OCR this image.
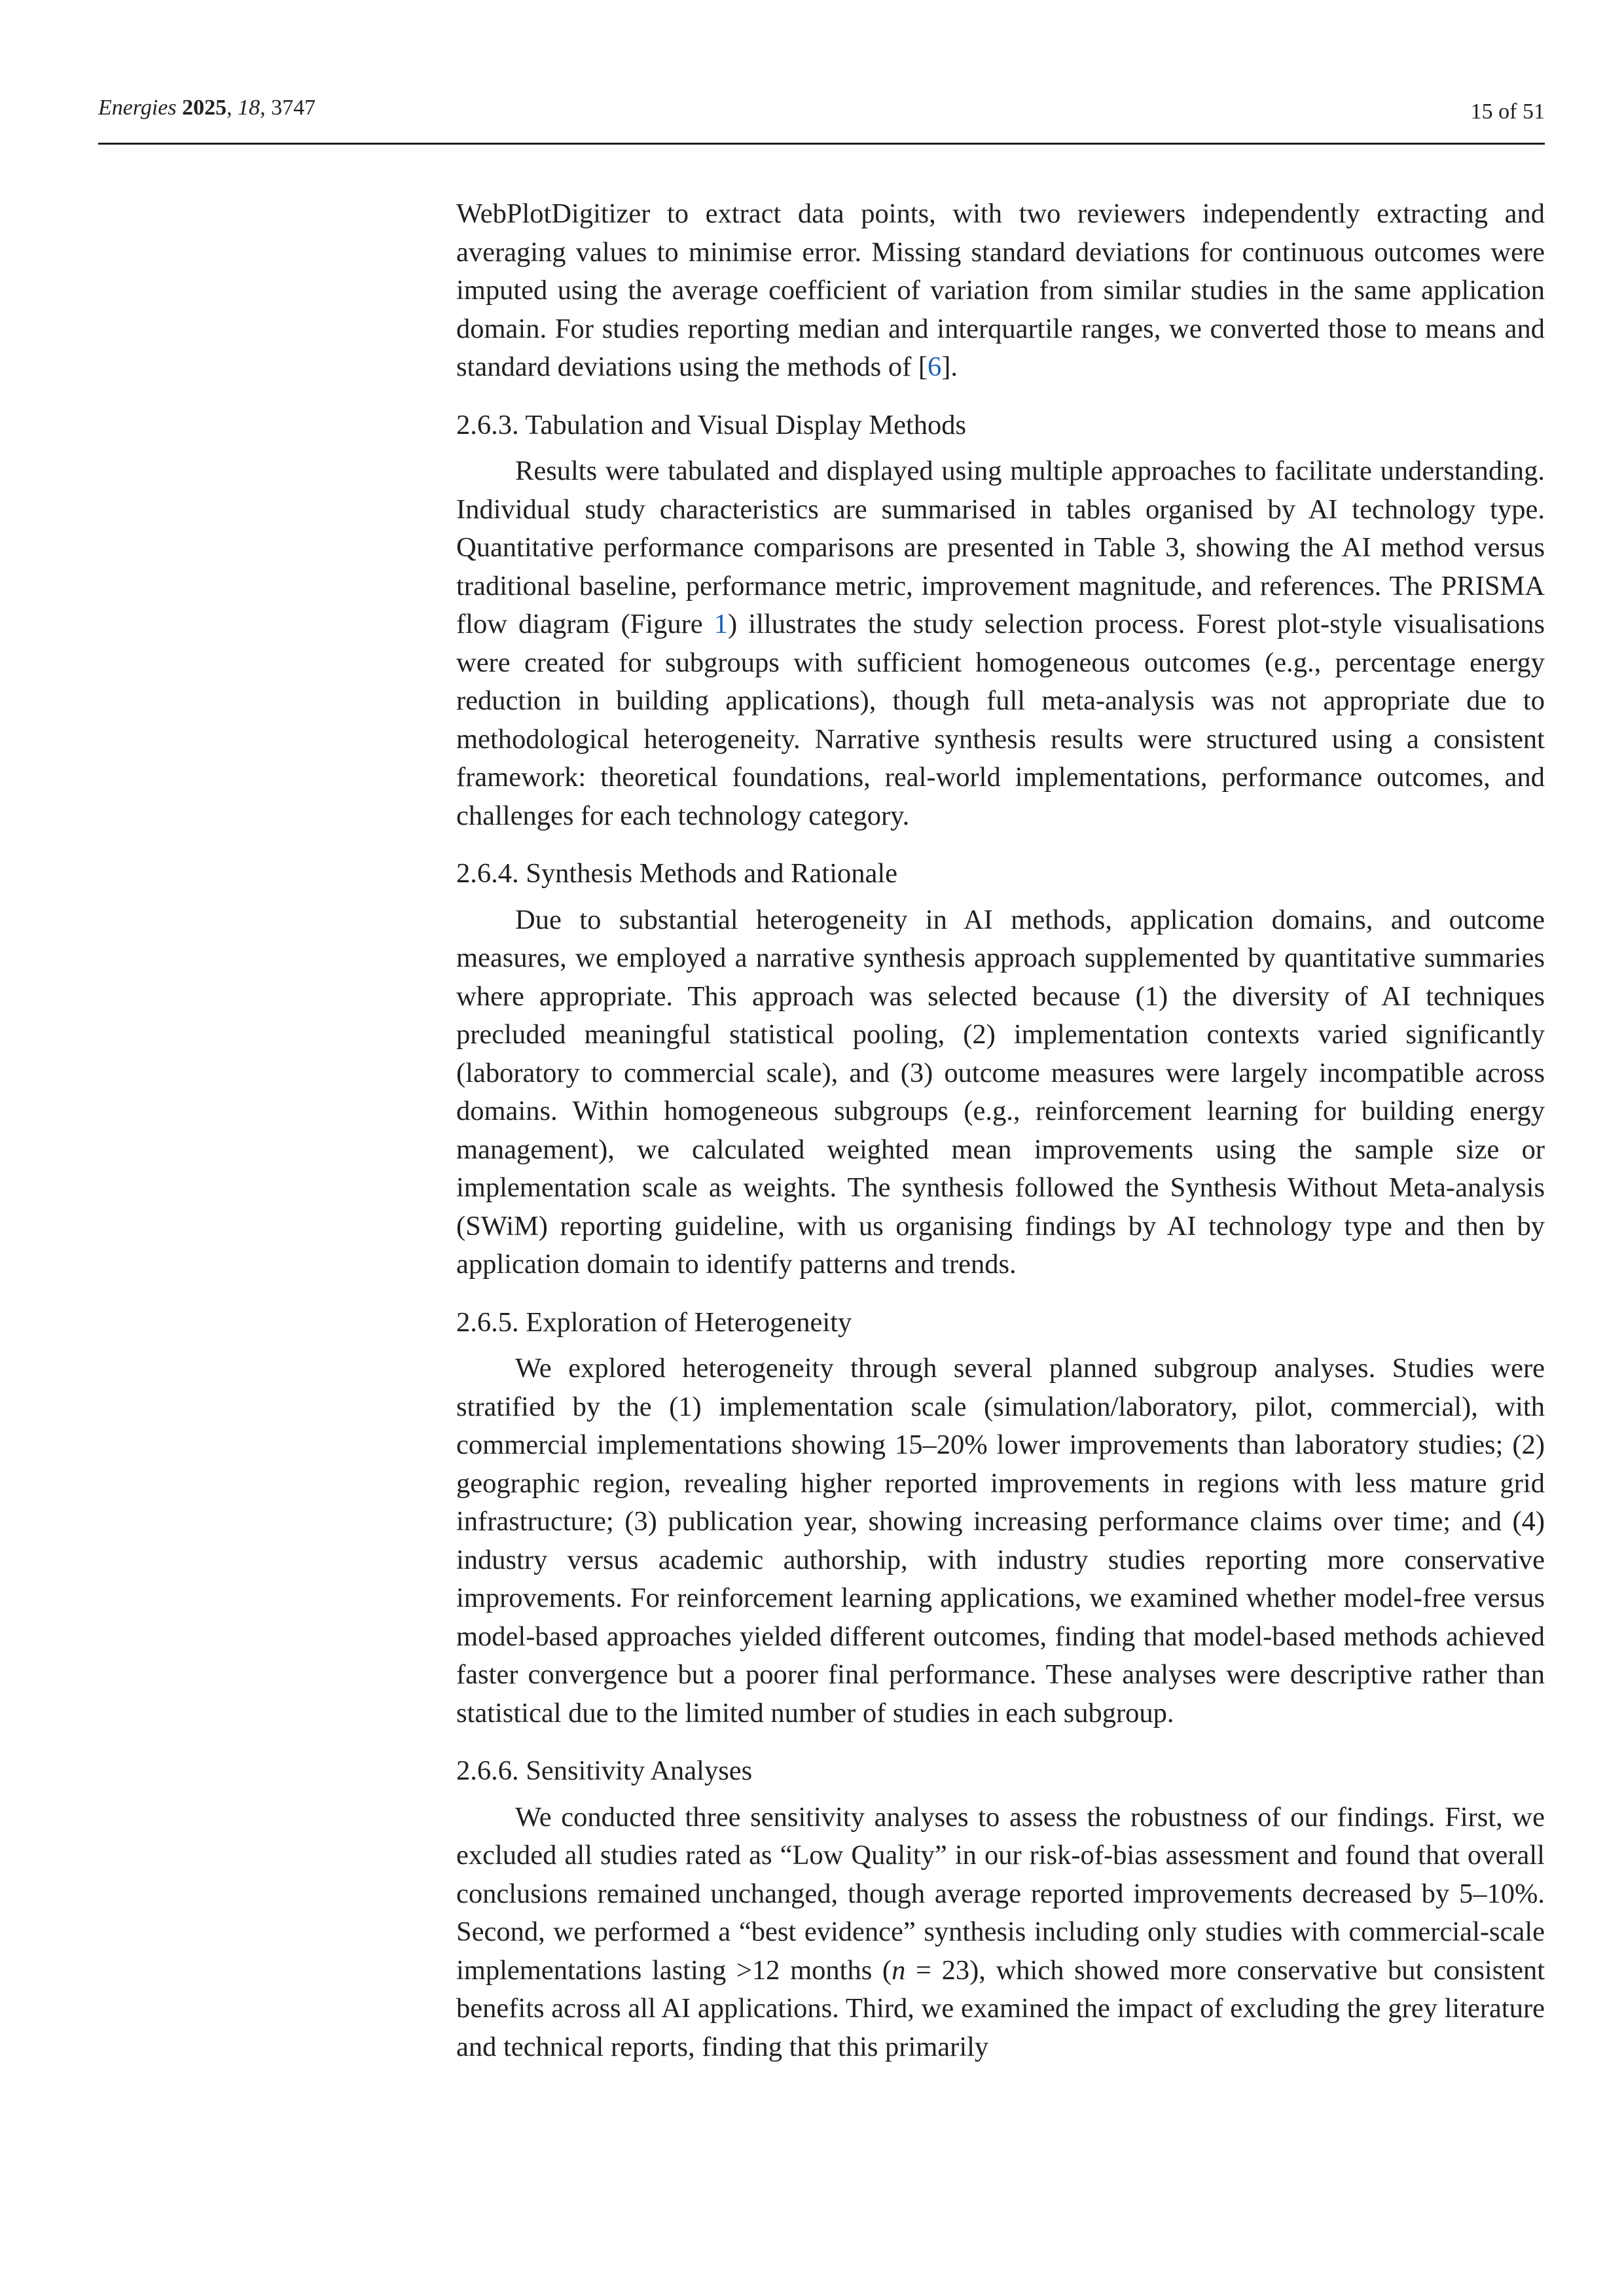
Energies 2025, 18, 3747	15 of 51

WebPlotDigitizer to extract data points, with two reviewers independently extracting and averaging values to minimise error. Missing standard deviations for continuous outcomes were imputed using the average coefficient of variation from similar studies in the same application domain. For studies reporting median and interquartile ranges, we converted those to means and standard deviations using the methods of [6].

2.6.3. Tabulation and Visual Display Methods

Results were tabulated and displayed using multiple approaches to facilitate understanding. Individual study characteristics are summarised in tables organised by AI technology type. Quantitative performance comparisons are presented in Table 3, showing the AI method versus traditional baseline, performance metric, improvement magnitude, and references. The PRISMA flow diagram (Figure 1) illustrates the study selection process. Forest plot-style visualisations were created for subgroups with sufficient homogeneous outcomes (e.g., percentage energy reduction in building applications), though full meta-analysis was not appropriate due to methodological heterogeneity. Narrative synthesis results were structured using a consistent framework: theoretical foundations, real-world implementations, performance outcomes, and challenges for each technology category.

2.6.4. Synthesis Methods and Rationale

Due to substantial heterogeneity in AI methods, application domains, and outcome measures, we employed a narrative synthesis approach supplemented by quantitative summaries where appropriate. This approach was selected because (1) the diversity of AI techniques precluded meaningful statistical pooling, (2) implementation contexts varied significantly (laboratory to commercial scale), and (3) outcome measures were largely incompatible across domains. Within homogeneous subgroups (e.g., reinforcement learning for building energy management), we calculated weighted mean improvements using the sample size or implementation scale as weights. The synthesis followed the Synthesis Without Meta-analysis (SWiM) reporting guideline, with us organising findings by AI technology type and then by application domain to identify patterns and trends.

2.6.5. Exploration of Heterogeneity

We explored heterogeneity through several planned subgroup analyses. Studies were stratified by the (1) implementation scale (simulation/laboratory, pilot, commercial), with commercial implementations showing 15–20% lower improvements than laboratory studies; (2) geographic region, revealing higher reported improvements in regions with less mature grid infrastructure; (3) publication year, showing increasing performance claims over time; and (4) industry versus academic authorship, with industry studies reporting more conservative improvements. For reinforcement learning applications, we examined whether model-free versus model-based approaches yielded different outcomes, finding that model-based methods achieved faster convergence but a poorer final performance. These analyses were descriptive rather than statistical due to the limited number of studies in each subgroup.

2.6.6. Sensitivity Analyses

We conducted three sensitivity analyses to assess the robustness of our findings. First, we excluded all studies rated as “Low Quality” in our risk-of-bias assessment and found that overall conclusions remained unchanged, though average reported improvements decreased by 5–10%. Second, we performed a “best evidence” synthesis including only studies with commercial-scale implementations lasting >12 months (n = 23), which showed more conservative but consistent benefits across all AI applications. Third, we examined the impact of excluding the grey literature and technical reports, finding that this primarily
